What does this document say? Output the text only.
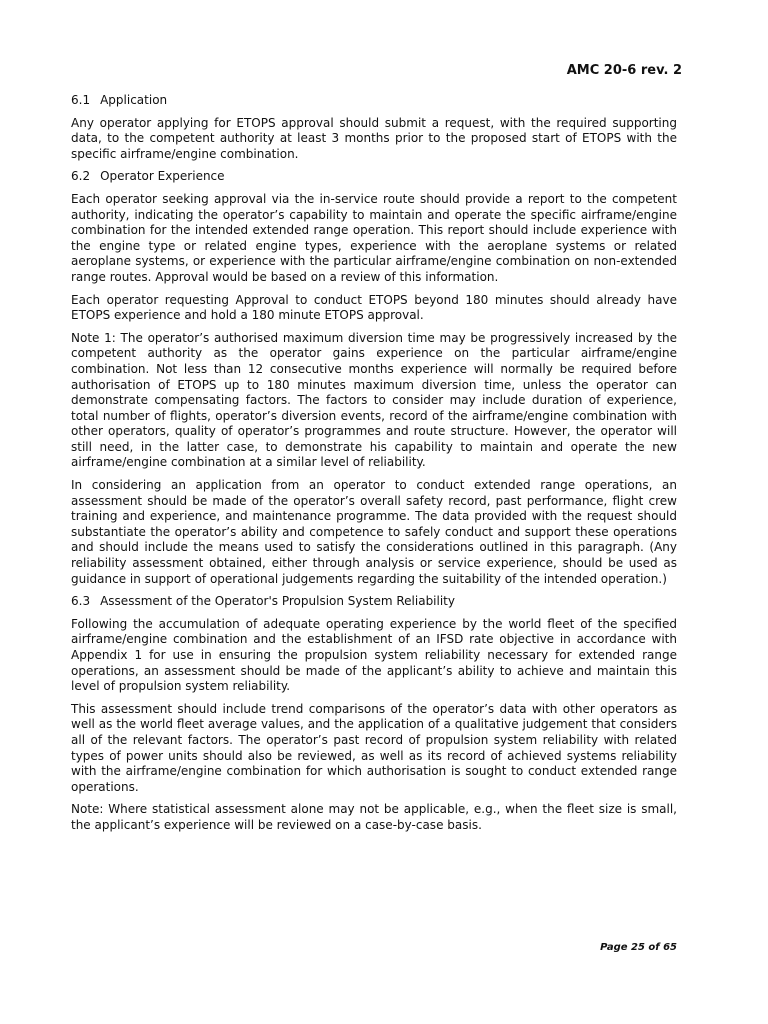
AMC 20-6 rev. 2
6.1 Application

Any operator applying for ETOPS approval should submit a request, with the required supporting data, to the competent authority at least 3 months prior to the proposed start of ETOPS with the specific airframe/engine combination.

6.2 Operator Experience

Each operator seeking approval via the in-service route should provide a report to the competent authority, indicating the operator’s capability to maintain and operate the specific airframe/engine combination for the intended extended range operation. This report should include experience with the engine type or related engine types, experience with the aeroplane systems or related aeroplane systems, or experience with the particular airframe/engine combination on non-extended range routes. Approval would be based on a review of this information.

Each operator requesting Approval to conduct ETOPS beyond 180 minutes should already have ETOPS experience and hold a 180 minute ETOPS approval.

Note 1: The operator’s authorised maximum diversion time may be progressively increased by the competent authority as the operator gains experience on the particular airframe/engine combination. Not less than 12 consecutive months experience will normally be required before authorisation of ETOPS up to 180 minutes maximum diversion time, unless the operator can demonstrate compensating factors. The factors to consider may include duration of experience, total number of flights, operator’s diversion events, record of the airframe/engine combination with other operators, quality of operator’s programmes and route structure. However, the operator will still need, in the latter case, to demonstrate his capability to maintain and operate the new airframe/engine combination at a similar level of reliability.

In considering an application from an operator to conduct extended range operations, an assessment should be made of the operator’s overall safety record, past performance, flight crew training and experience, and maintenance programme. The data provided with the request should substantiate the operator’s ability and competence to safely conduct and support these operations and should include the means used to satisfy the considerations outlined in this paragraph. (Any reliability assessment obtained, either through analysis or service experience, should be used as guidance in support of operational judgements regarding the suitability of the intended operation.)

6.3 Assessment of the Operator's Propulsion System Reliability

Following the accumulation of adequate operating experience by the world fleet of the specified airframe/engine combination and the establishment of an IFSD rate objective in accordance with Appendix 1 for use in ensuring the propulsion system reliability necessary for extended range operations, an assessment should be made of the applicant’s ability to achieve and maintain this level of propulsion system reliability.

This assessment should include trend comparisons of the operator’s data with other operators as well as the world fleet average values, and the application of a qualitative judgement that considers all of the relevant factors. The operator’s past record of propulsion system reliability with related types of power units should also be reviewed, as well as its record of achieved systems reliability with the airframe/engine combination for which authorisation is sought to conduct extended range operations.

Note: Where statistical assessment alone may not be applicable, e.g., when the fleet size is small, the applicant’s experience will be reviewed on a case-by-case basis.

Page 25 of 65
